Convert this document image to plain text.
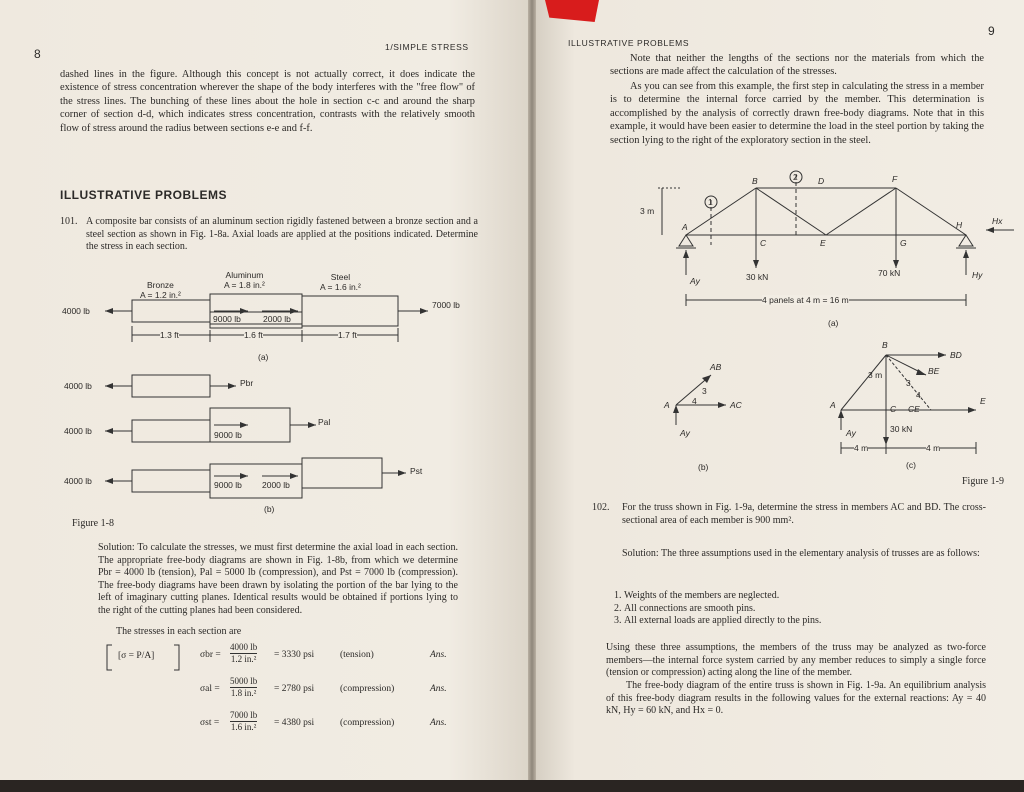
8	1/SIMPLE STRESS
dashed lines in the figure. Although this concept is not actually correct, it does indicate the existence of stress concentration wherever the shape of the body interferes with the "free flow" of the stress lines. The bunching of these lines about the hole in section c-c and around the sharp corner of section d-d, which indicates stress concentration, contrasts with the relatively smooth flow of stress around the radius between sections e-e and f-f.
ILLUSTRATIVE PROBLEMS
101. A composite bar consists of an aluminum section rigidly fastened between a bronze section and a steel section as shown in Fig. 1-8a. Axial loads are applied at the positions indicated. Determine the stress in each section.
Bronze
A = 1.2 in.²
Aluminum
A = 1.8 in.²
Steel
A = 1.6 in.²
4000 lb
7000 lb
9000 lb	2000 lb
1.3 ft	1.6 ft	1.7 ft
(a)
4000 lb	Pbr
4000 lb	9000 lb
Pal
4000 lb	9000 lb 2000 lb
Pst
(b)
Figure 1-8
Solution: To calculate the stresses, we must first determine the axial load in each section. The appropriate free-body diagrams are shown in Fig. 1-8b, from which we determine Pbr = 4000 lb (tension), Pal = 5000 lb (compression), and Pst = 7000 lb (compression). The free-body diagrams have been drawn by isolating the portion of the bar lying to the left of imaginary cutting planes. Identical results would be obtained if portions lying to the right of the cutting planes had been considered.
The stresses in each section are
[σ = P/A]	$\sigma br = \frac{4000 lb}{\text{1.2 in.²}} = 3330$ psi	(tension)	Ans.
$\sigma al = \frac{5000 lb}{\text{1.8 in.²}} = 2780$ psi	(compression)	Ans.
$\sigma st = \frac{7000 lb}{\text{1.6 in.²}} = 4380$ psi	(compression)	Ans.
ILLUSTRATIVE PROBLEMS
9
Note that neither the lengths of the sections nor the materials from which the sections are made affect the calculation of the stresses.
As you can see from this example, the first step in calculating the stress in a member is to determine the internal force carried by the member. This determination is accomplished by the analysis of correctly drawn free-body diagrams. Note that in this example, it would have been easier to determine the load in the steel portion by taking the section lying to the right of the exploratory section in the steel.
B	D	F
A
C	E	G
H
1
2
3 m
30 kN	70 kN
Ay
Hy
Hx
4 panels at 4 m = 16 m
(a)
A
AB
AC
Ay
3
4
(b)
A
B
BD
BE
C CE
E
Ay
3 m
30 kN
4 m	4 m
3
4
(c)
Figure 1-9
102.	For the truss shown in Fig. 1-9a, determine the stress in members AC and BD. The cross-sectional area of each member is 900 mm².
Solution: The three assumptions used in the elementary analysis of trusses are as follows:
1. Weights of the members are neglected.
2. All connections are smooth pins.
3. All external loads are applied directly to the pins.
Using these three assumptions, the members of the truss may be analyzed as two-force members—the internal force system carried by any member reduces to simply a single force (tension or compression) acting along the line of the member.
The free-body diagram of the entire truss is shown in Fig. 1-9a. An equilibrium analysis of this free-body diagram results in the following values for the external reactions: Ay = 40 kN, Hy = 60 kN, and Hx = 0.
